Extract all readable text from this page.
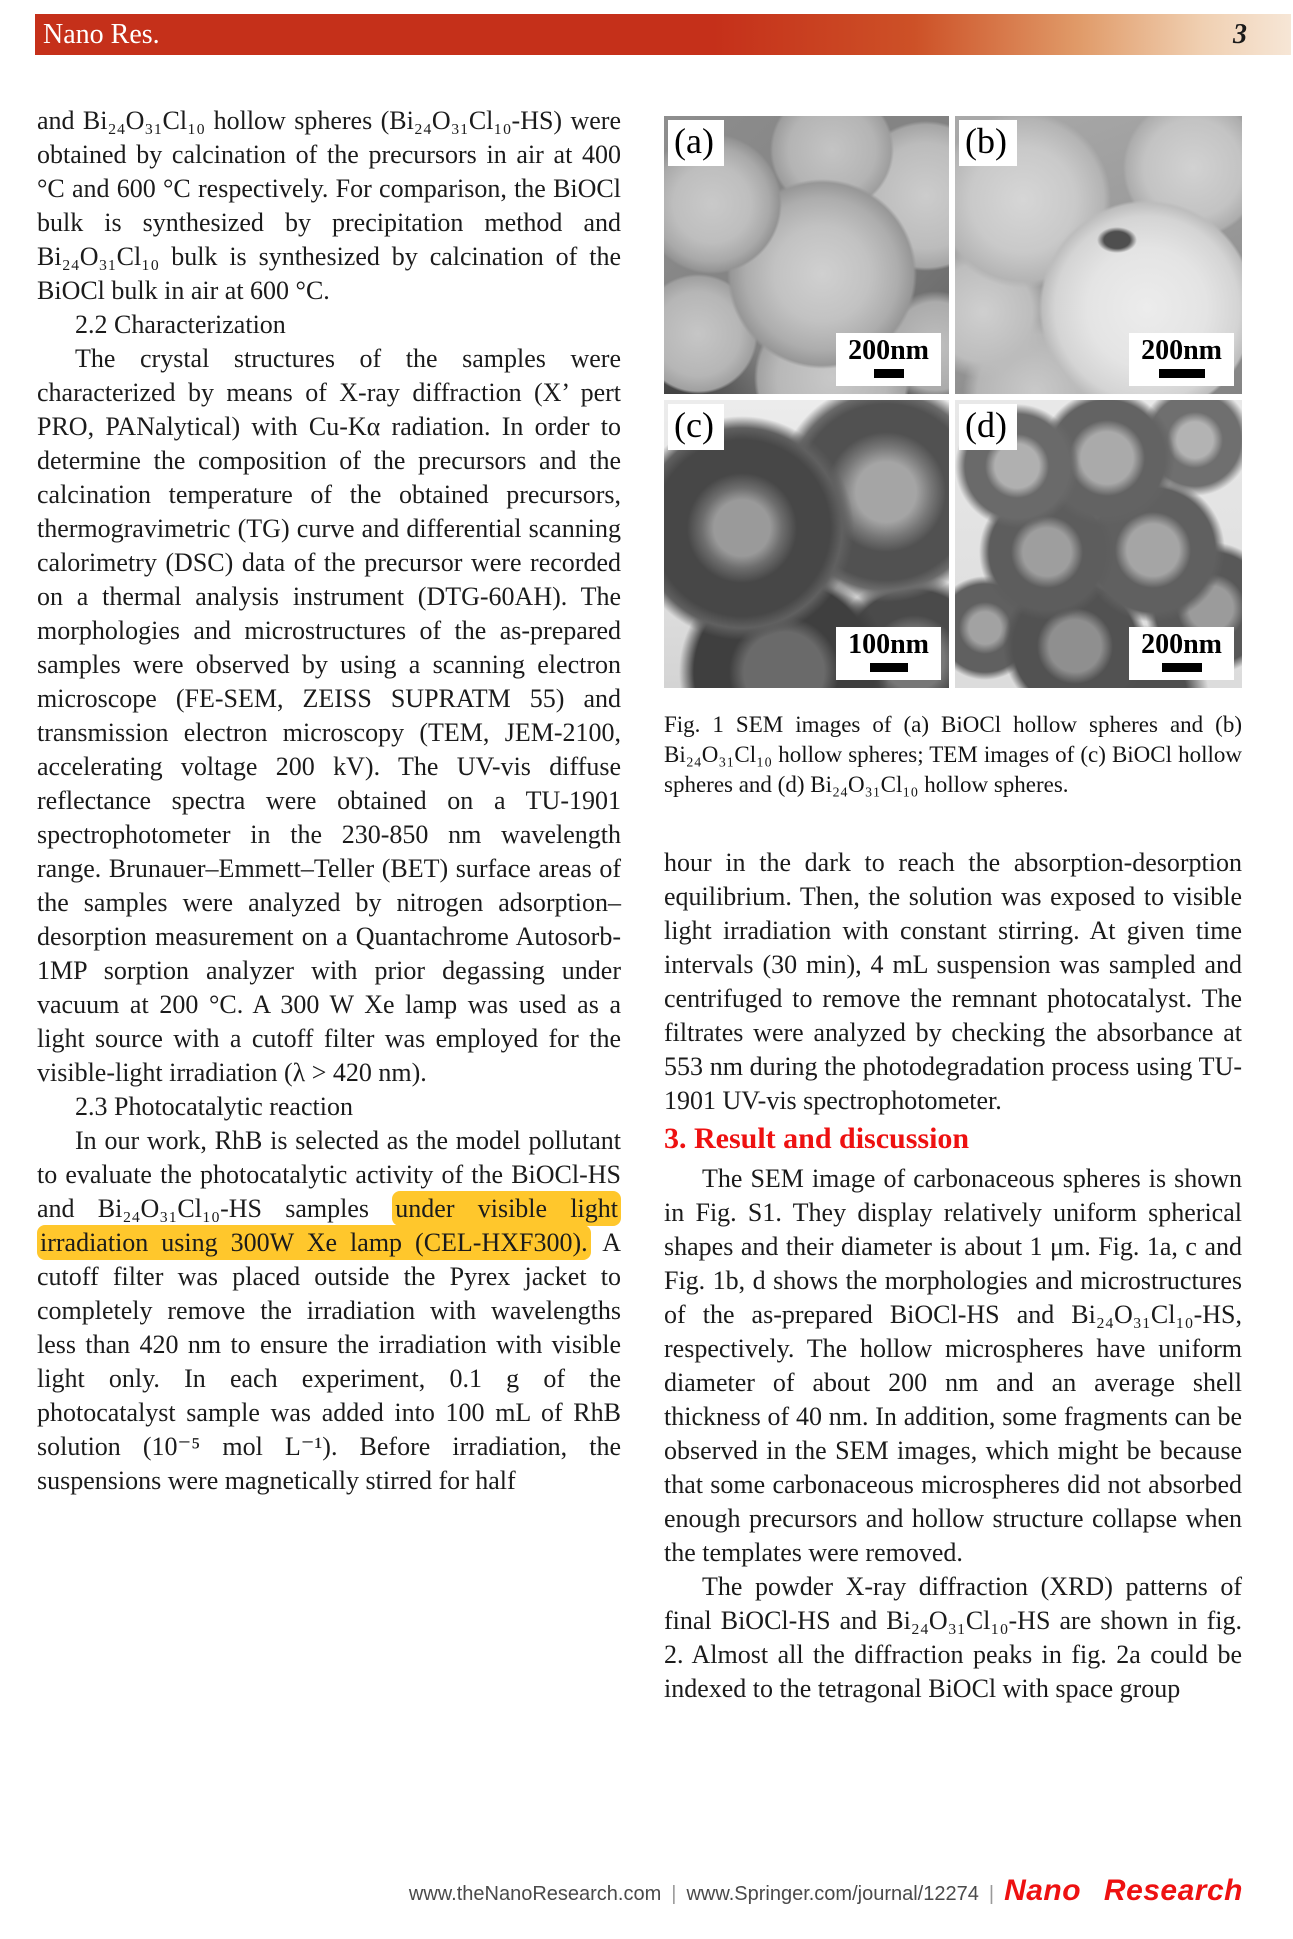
Nano Res.	3

and Bi₂₄O₃₁Cl₁₀ hollow spheres (Bi₂₄O₃₁Cl₁₀-HS) were obtained by calcination of the precursors in air at 400 °C and 600 °C respectively. For comparison, the BiOCl bulk is synthesized by precipitation method and Bi₂₄O₃₁Cl₁₀ bulk is synthesized by calcination of the BiOCl bulk in air at 600 °C.

2.2 Characterization

The crystal structures of the samples were characterized by means of X-ray diffraction (X’ pert PRO, PANalytical) with Cu-Kα radiation. In order to determine the composition of the precursors and the calcination temperature of the obtained precursors, thermogravimetric (TG) curve and differential scanning calorimetry (DSC) data of the precursor were recorded on a thermal analysis instrument (DTG-60AH). The morphologies and microstructures of the as-prepared samples were observed by using a scanning electron microscope (FE-SEM, ZEISS SUPRATM 55) and transmission electron microscopy (TEM, JEM-2100, accelerating voltage 200 kV). The UV-vis diffuse reflectance spectra were obtained on a TU-1901 spectrophotometer in the 230-850 nm wavelength range. Brunauer–Emmett–Teller (BET) surface areas of the samples were analyzed by nitrogen adsorption–desorption measurement on a Quantachrome Autosorb-1MP sorption analyzer with prior degassing under vacuum at 200 °C. A 300 W Xe lamp was used as a light source with a cutoff filter was employed for the visible-light irradiation (λ > 420 nm).

2.3 Photocatalytic reaction

In our work, RhB is selected as the model pollutant to evaluate the photocatalytic activity of the BiOCl-HS and Bi₂₄O₃₁Cl₁₀-HS samples under visible light irradiation using 300W Xe lamp (CEL-HXF300). A cutoff filter was placed outside the Pyrex jacket to completely remove the irradiation with wavelengths less than 420 nm to ensure the irradiation with visible light only. In each experiment, 0.1 g of the photocatalyst sample was added into 100 mL of RhB solution (10⁻⁵ mol L⁻¹). Before irradiation, the suspensions were magnetically stirred for half

(a)
200nm
(b)
200nm
(c)
100nm
(d)
200nm

Fig. 1 SEM images of (a) BiOCl hollow spheres and (b) Bi₂₄O₃₁Cl₁₀ hollow spheres; TEM images of (c) BiOCl hollow spheres and (d) Bi₂₄O₃₁Cl₁₀ hollow spheres.

hour in the dark to reach the absorption-desorption equilibrium. Then, the solution was exposed to visible light irradiation with constant stirring. At given time intervals (30 min), 4 mL suspension was sampled and centrifuged to remove the remnant photocatalyst. The filtrates were analyzed by checking the absorbance at 553 nm during the photodegradation process using TU-1901 UV-vis spectrophotometer.

3. Result and discussion

The SEM image of carbonaceous spheres is shown in Fig. S1. They display relatively uniform spherical shapes and their diameter is about 1 μm. Fig. 1a, c and Fig. 1b, d shows the morphologies and microstructures of the as-prepared BiOCl-HS and Bi₂₄O₃₁Cl₁₀-HS, respectively. The hollow microspheres have uniform diameter of about 200 nm and an average shell thickness of 40 nm. In addition, some fragments can be observed in the SEM images, which might be because that some carbonaceous microspheres did not absorbed enough precursors and hollow structure collapse when the templates were removed.

The powder X-ray diffraction (XRD) patterns of final BiOCl-HS and Bi₂₄O₃₁Cl₁₀-HS are shown in fig. 2. Almost all the diffraction peaks in fig. 2a could be indexed to the tetragonal BiOCl with space group

www.theNanoResearch.com | www.Springer.com/journal/12274 | Nano Research
